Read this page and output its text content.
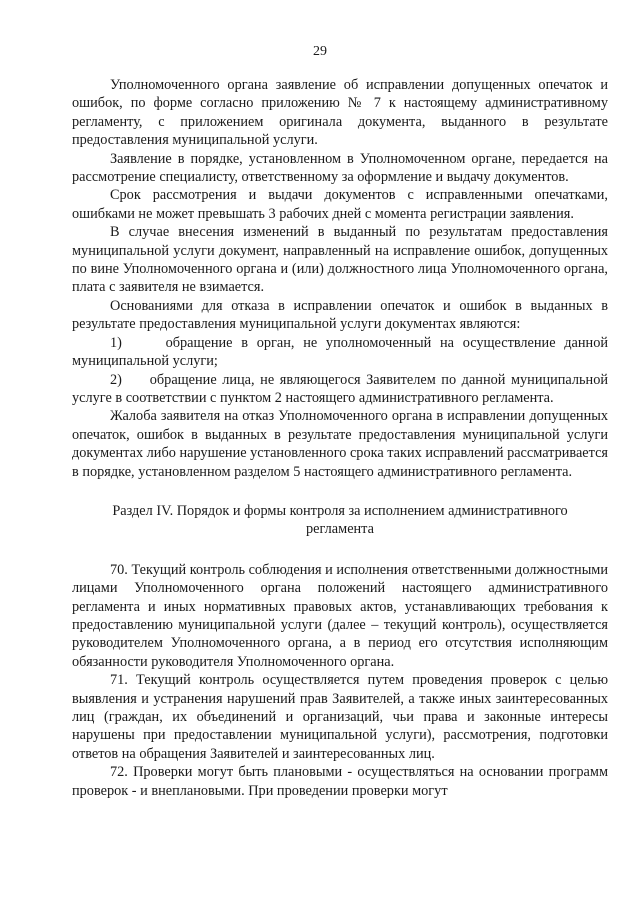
29

Уполномоченного органа заявление об исправлении допущенных опечаток и ошибок, по форме согласно приложению № 7 к настоящему административному регламенту, с приложением оригинала документа, выданного в результате предоставления муниципальной услуги.

Заявление в порядке, установленном в Уполномоченном органе, передается на рассмотрение специалисту, ответственному за оформление и выдачу документов.

Срок рассмотрения и выдачи документов с исправленными опечатками, ошибками не может превышать 3 рабочих дней с момента регистрации заявления.

В случае внесения изменений в выданный по результатам предоставления муниципальной услуги документ, направленный на исправление ошибок, допущенных по вине Уполномоченного органа и (или) должностного лица Уполномоченного органа, плата с заявителя не взимается.

Основаниями для отказа в исправлении опечаток и ошибок в выданных в результате предоставления муниципальной услуги документах являются:

1)     обращение в орган, не уполномоченный на осуществление данной муниципальной услуги;

2)     обращение лица, не являющегося Заявителем по данной муниципальной услуге в соответствии с пунктом 2 настоящего административного регламента.

Жалоба заявителя на отказ Уполномоченного органа в исправлении допущенных опечаток, ошибок в выданных в результате предоставления муниципальной услуги документах либо нарушение установленного срока таких исправлений рассматривается в порядке, установленном разделом 5 настоящего административного регламента.

Раздел IV. Порядок и формы контроля за исполнением административного регламента

70. Текущий контроль соблюдения и исполнения ответственными должностными лицами Уполномоченного органа положений настоящего административного регламента и иных нормативных правовых актов, устанавливающих требования к предоставлению муниципальной услуги (далее – текущий контроль), осуществляется руководителем Уполномоченного органа, а в период его отсутствия исполняющим обязанности руководителя Уполномоченного органа.

71. Текущий контроль осуществляется путем проведения проверок с целью выявления и устранения нарушений прав Заявителей, а также иных заинтересованных лиц (граждан, их объединений и организаций, чьи права и законные интересы нарушены при предоставлении муниципальной услуги), рассмотрения, подготовки ответов на обращения Заявителей и заинтересованных лиц.

72. Проверки могут быть плановыми - осуществляться на основании программ проверок - и внеплановыми. При проведении проверки могут
